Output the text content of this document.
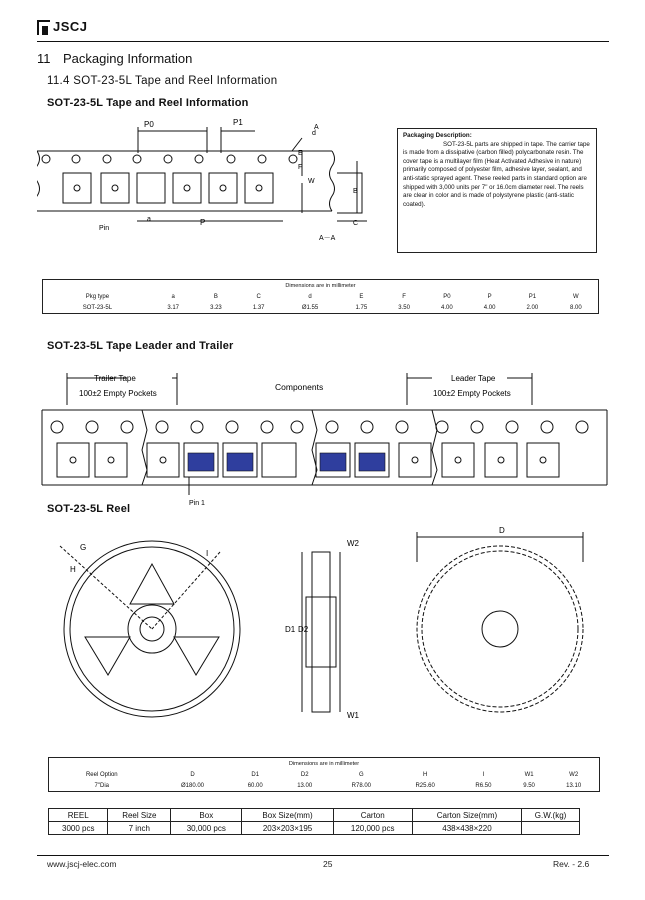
JSCJ
11 Packaging Information
11.4 SOT-23-5L Tape and Reel Information
SOT-23-5L Tape and Reel Information
P0	P1
P
E
F
W
B
C
a
d
Pin
A－A
A
Packaging Description:
SOT-23-5L parts are shipped in tape. The carrier tape is made from a dissipative (carbon filled) polycarbonate resin. The cover tape is a multilayer film (Heat Activated Adhesive in nature) primarily composed of polyester film, adhesive layer, sealant, and anti-static sprayed agent. These reeled parts in standard option are shipped with 3,000 units per 7" or 16.0cm diameter reel. The reels are clear in color and is made of polystyrene plastic (anti-static coated).
Dimensions are in millimeter										
Pkg type	a	B	C	d	E	F	P0	P	P1	W
SOT-23-5L	3.17	3.23	1.37	Ø1.55	1.75	3.50	4.00	4.00	2.00	8.00
SOT-23-5L Tape Leader and Trailer
Trailer Tape
100±2 Empty Pockets
Components
Leader Tape
100±2 Empty Pockets
Pin 1
SOT-23-5L Reel
G
H
I
W2
W1
D1 D2
D
Dimensions are in millimeter								
Reel Option	D	D1	D2	G	H	I	W1	W2
7"Dia	Ø180.00	60.00	13.00	R78.00	R25.60	R6.50	9.50	13.10
REEL	Reel Size	Box	Box Size(mm)	Carton	Carton Size(mm)	G.W.(kg)
3000 pcs	7 inch	30,000 pcs	203×203×195	120,000 pcs	438×438×220	
www.jscj-elec.com	25	Rev. - 2.6
